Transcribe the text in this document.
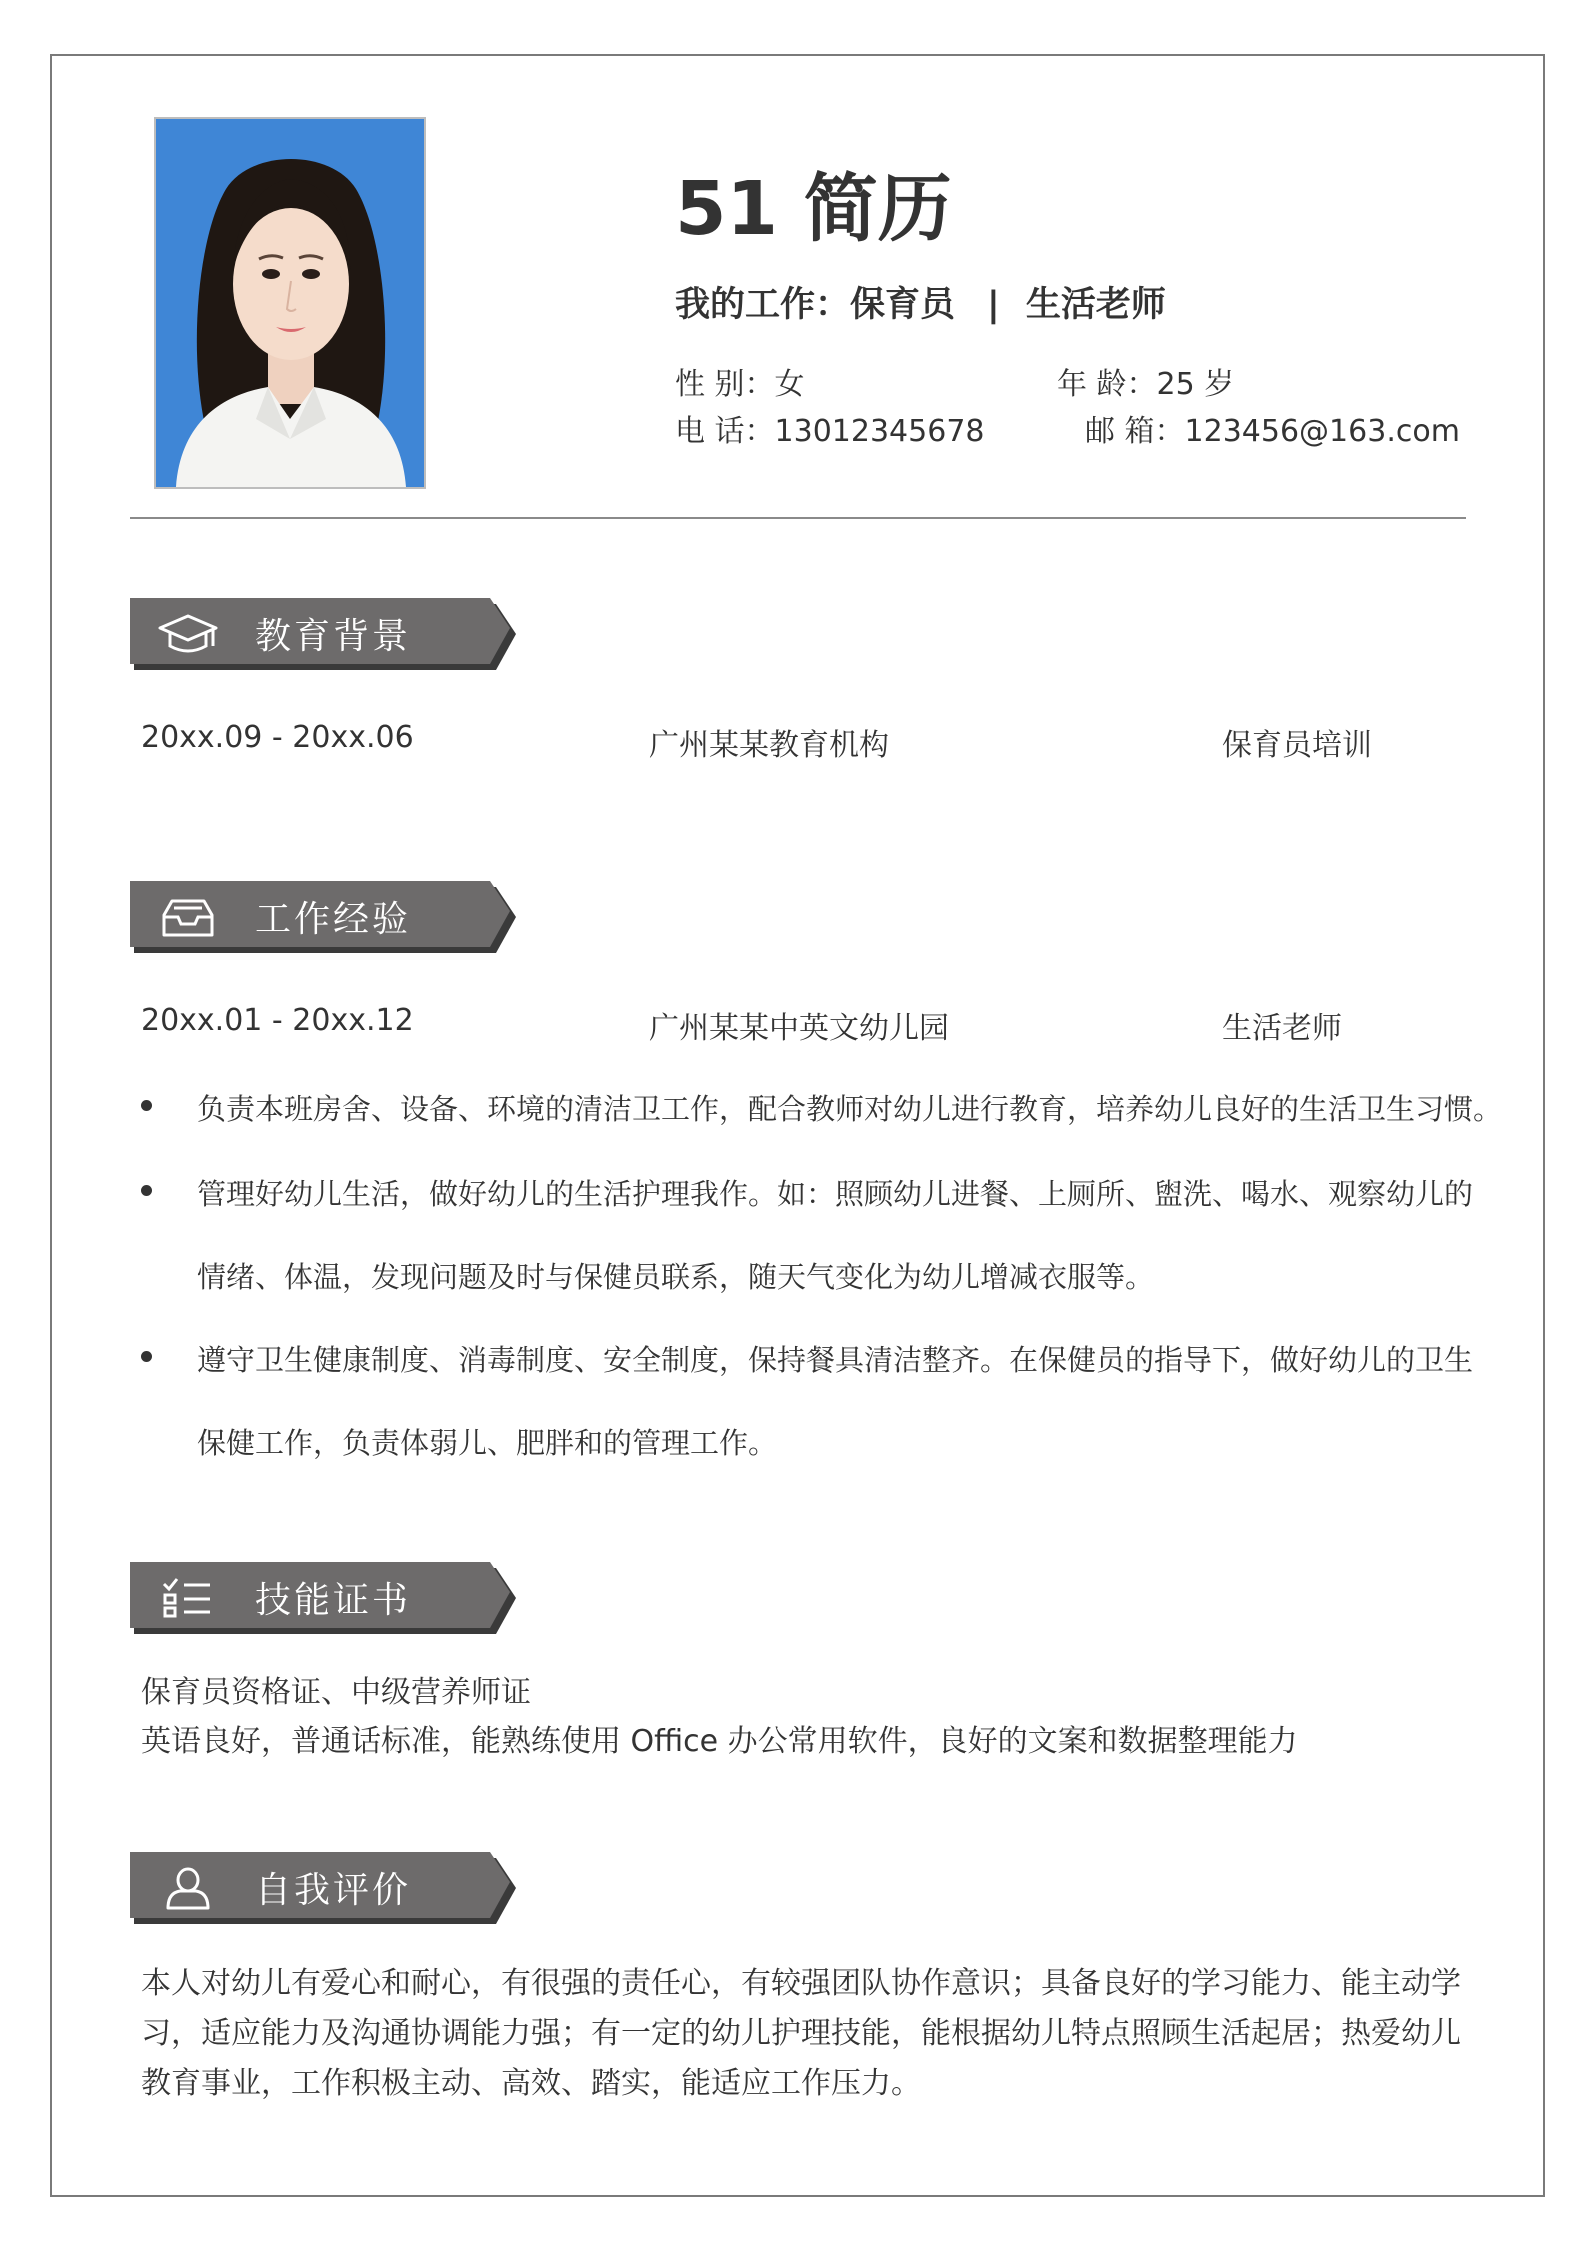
51 简历
我的工作：保育员 | 生活老师
性 别：女	年 龄：25 岁
电 话：13012345678	邮 箱：123456@163.com
教育背景
20xx.09 - 20xx.06	广州某某教育机构	保育员培训
工作经验
20xx.01 - 20xx.12	广州某某中英文幼儿园	生活老师
负责本班房舍、设备、环境的清洁卫工作，配合教师对幼儿进行教育，培养幼儿良好的生活卫生习惯。
管理好幼儿生活，做好幼儿的生活护理我作。如：照顾幼儿进餐、上厕所、盥洗、喝水、观察幼儿的
情绪、体温，发现问题及时与保健员联系，随天气变化为幼儿增减衣服等。
遵守卫生健康制度、消毒制度、安全制度，保持餐具清洁整齐。在保健员的指导下，做好幼儿的卫生
保健工作，负责体弱儿、肥胖和的管理工作。
技能证书
保育员资格证、中级营养师证
英语良好，普通话标准，能熟练使用 Office 办公常用软件，良好的文案和数据整理能力
自我评价
本人对幼儿有爱心和耐心，有很强的责任心，有较强团队协作意识；具备良好的学习能力、能主动学
习，适应能力及沟通协调能力强；有一定的幼儿护理技能，能根据幼儿特点照顾生活起居；热爱幼儿
教育事业，工作积极主动、高效、踏实，能适应工作压力。
